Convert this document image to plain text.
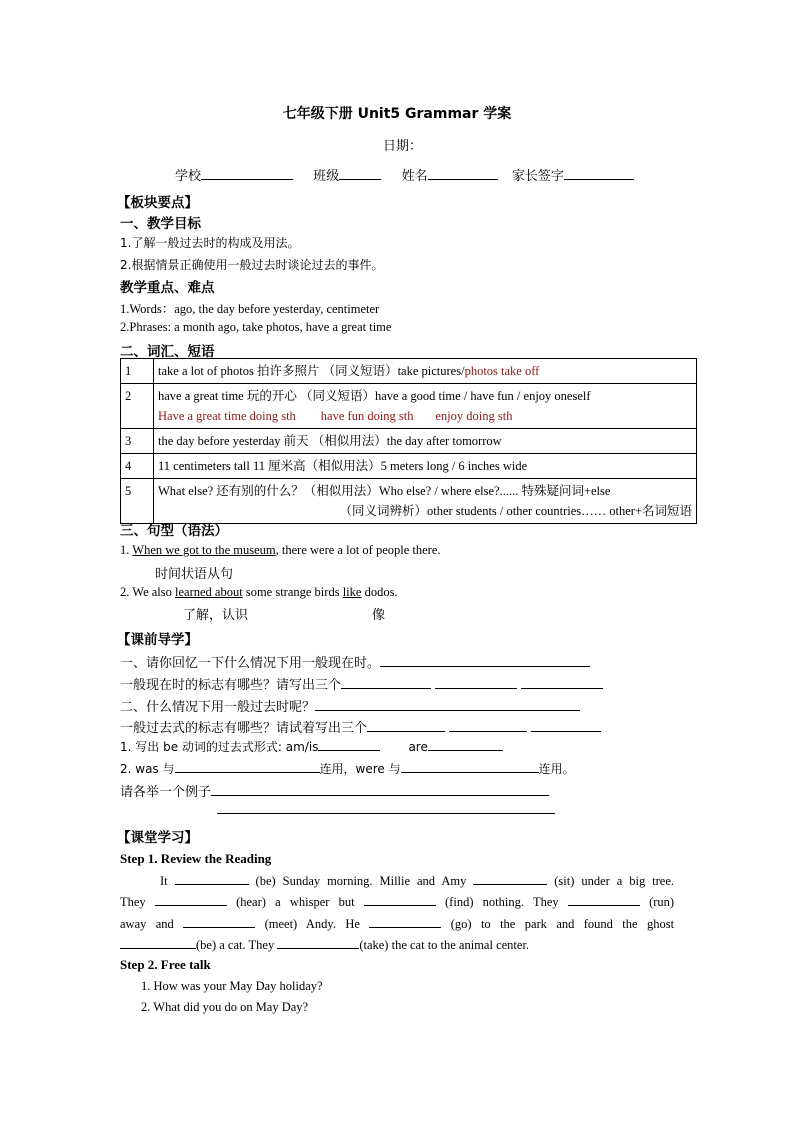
七年级下册 Unit5 Grammar 学案
日期：
学校	班级	姓名	家长签字
【板块要点】
一、教学目标
1.了解一般过去时的构成及用法。
2.根据情景正确使用一般过去时谈论过去的事件。
教学重点、难点
1.Words：ago, the day before yesterday, centimeter
2.Phrases: a month ago, take photos, have a great time
二、词汇、短语
1	take a lot of photos 拍许多照片 （同义短语）take pictures/photos take off
2	have a great time 玩的开心 （同义短语）have a good time / have fun / enjoy oneself
Have a great time doing sth        have fun doing sth       enjoy doing sth

3	the day before yesterday 前天 （相似用法）the day after tomorrow
4	11 centimeters tall 11 厘米高（相似用法）5 meters long / 6 inches wide
5	What else? 还有别的什么？（相似用法）Who else? / where else?...... 特殊疑问词+else
（同义词辨析）other students / other countries…… other+名词短语
三、句型（语法）
1. When we got to the museum, there were a lot of people there.
时间状语从句
2. We also learned about some strange birds like dodos.
了解，认识	像
【课前导学】
一、请你回忆一下什么情况下用一般现在时。
一般现在时的标志有哪些？请写出三个
二、什么情况下用一般过去时呢？
一般过去式的标志有哪些？请试着写出三个
1. 写出 be 动词的过去式形式: am/is	are
2. was 与	连用，were 与	连用。
请各举一个例子
【课堂学习】
Step 1. Review the Reading
It	(be) Sunday morning. Millie and Amy	(sit) under a big tree.
They	(hear) a whisper but	(find) nothing. They	(run)
away and	(meet) Andy. He	(go) to the park and found the ghost
(be) a cat. They	(take) the cat to the animal center.
Step 2. Free talk
1. How was your May Day holiday?
2. What did you do on May Day?
